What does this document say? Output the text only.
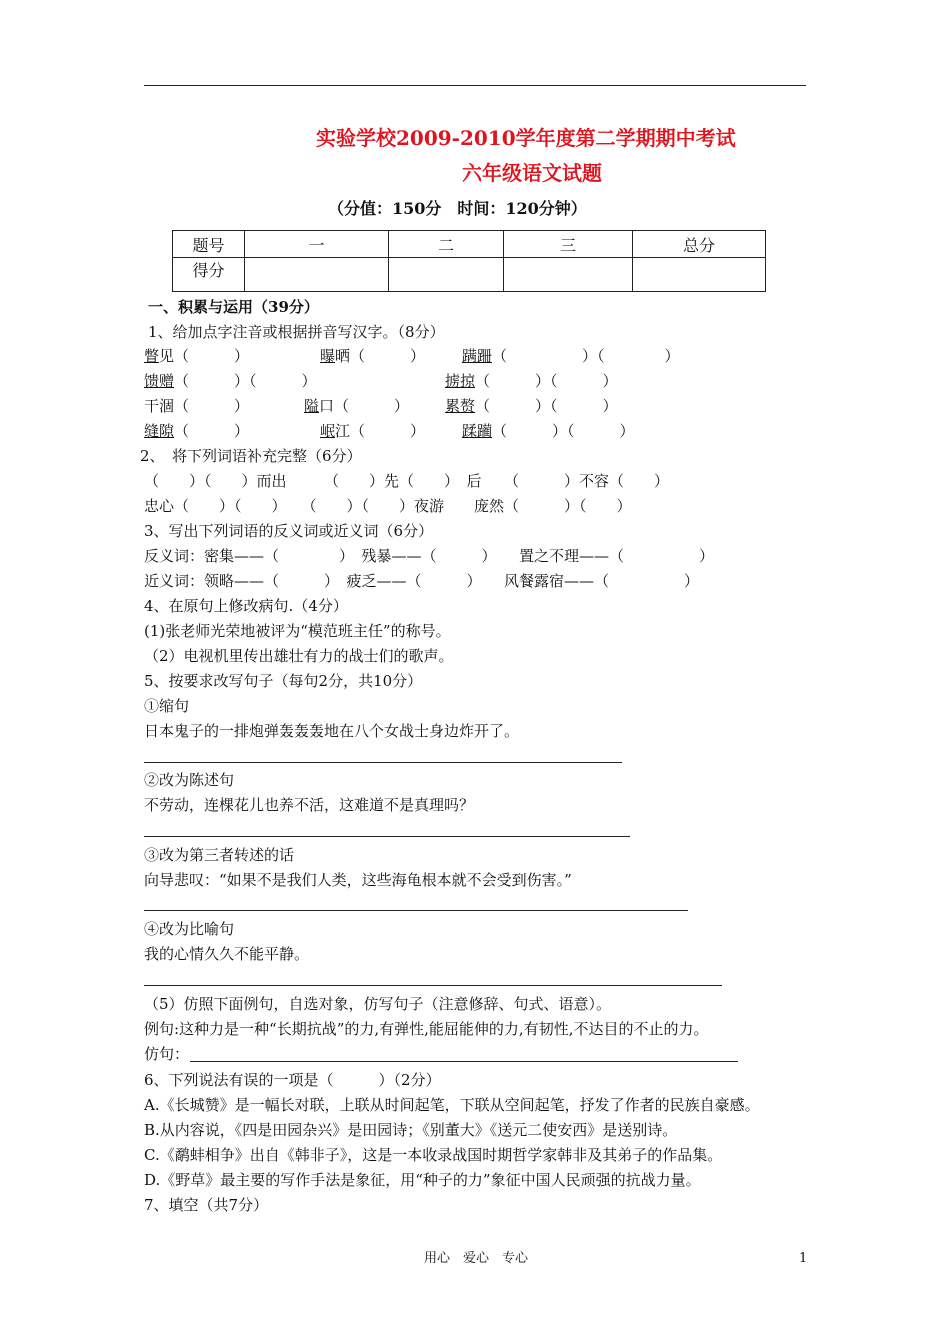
实验学校2009-2010学年度第二学期期中考试
六年级语文试题
（分值：150分　时间：120分钟）
题号	一	二	三	总分
得分				
一、积累与运用（39分）
1、给加点字注音或根据拼音写汉字。（8分）
瞥见（　　　）	曝晒（　　　） 蹒跚（　　　　　）（　　　　）
馈赠（　　　）（　　　）	掳掠（　　　）（　　　）
干涸（　　　）	隘口（　　　） 累赘（　　　）（　　　）
缝隙（　　　）	岷江（　　　） 蹂躏（　　　）（　　　）
2、　将下列词语补充完整（6分）
（　　）（　　）而出　　　（　　）先（　　）　后　　（　　　）不容（　　）
忠心（　　）（　　）　　（　　）（　　）夜游　　庞然（　　　）（　　）
3、写出下列词语的反义词或近义词（6分）
反义词：密集——（　　　　）　残暴——（　　　）　　置之不理——（　　　　　）
近义词：领略——（　　　）　疲乏——（　　　）　　风餐露宿——（　　　　　）
4、在原句上修改病句.（4分）
(1)张老师光荣地被评为“模范班主任”的称号。
（2）电视机里传出雄壮有力的战士们的歌声。
5、按要求改写句子（每句2分，共10分）
①缩句
日本鬼子的一排炮弹轰轰轰地在八个女战士身边炸开了。
②改为陈述句
不劳动，连棵花儿也养不活，这难道不是真理吗？
③改为第三者转述的话
向导悲叹：“如果不是我们人类，这些海龟根本就不会受到伤害。”
④改为比喻句
我的心情久久不能平静。
（5）仿照下面例句，自选对象，仿写句子（注意修辞、句式、语意）。
例句:这种力是一种“长期抗战”的力,有弹性,能屈能伸的力,有韧性,不达目的不止的力。
仿句：
6、下列说法有误的一项是（　　　）（2分）
A.《长城赞》是一幅长对联，上联从时间起笔，下联从空间起笔，抒发了作者的民族自豪感。
B.从内容说，《四是田园杂兴》是田园诗；《别董大》《送元二使安西》是送别诗。
C.《鹬蚌相争》出自《韩非子》，这是一本收录战国时期哲学家韩非及其弟子的作品集。
D.《野草》最主要的写作手法是象征，用“种子的力”象征中国人民顽强的抗战力量。
7、填空（共7分）
用心　爱心　专心	1
